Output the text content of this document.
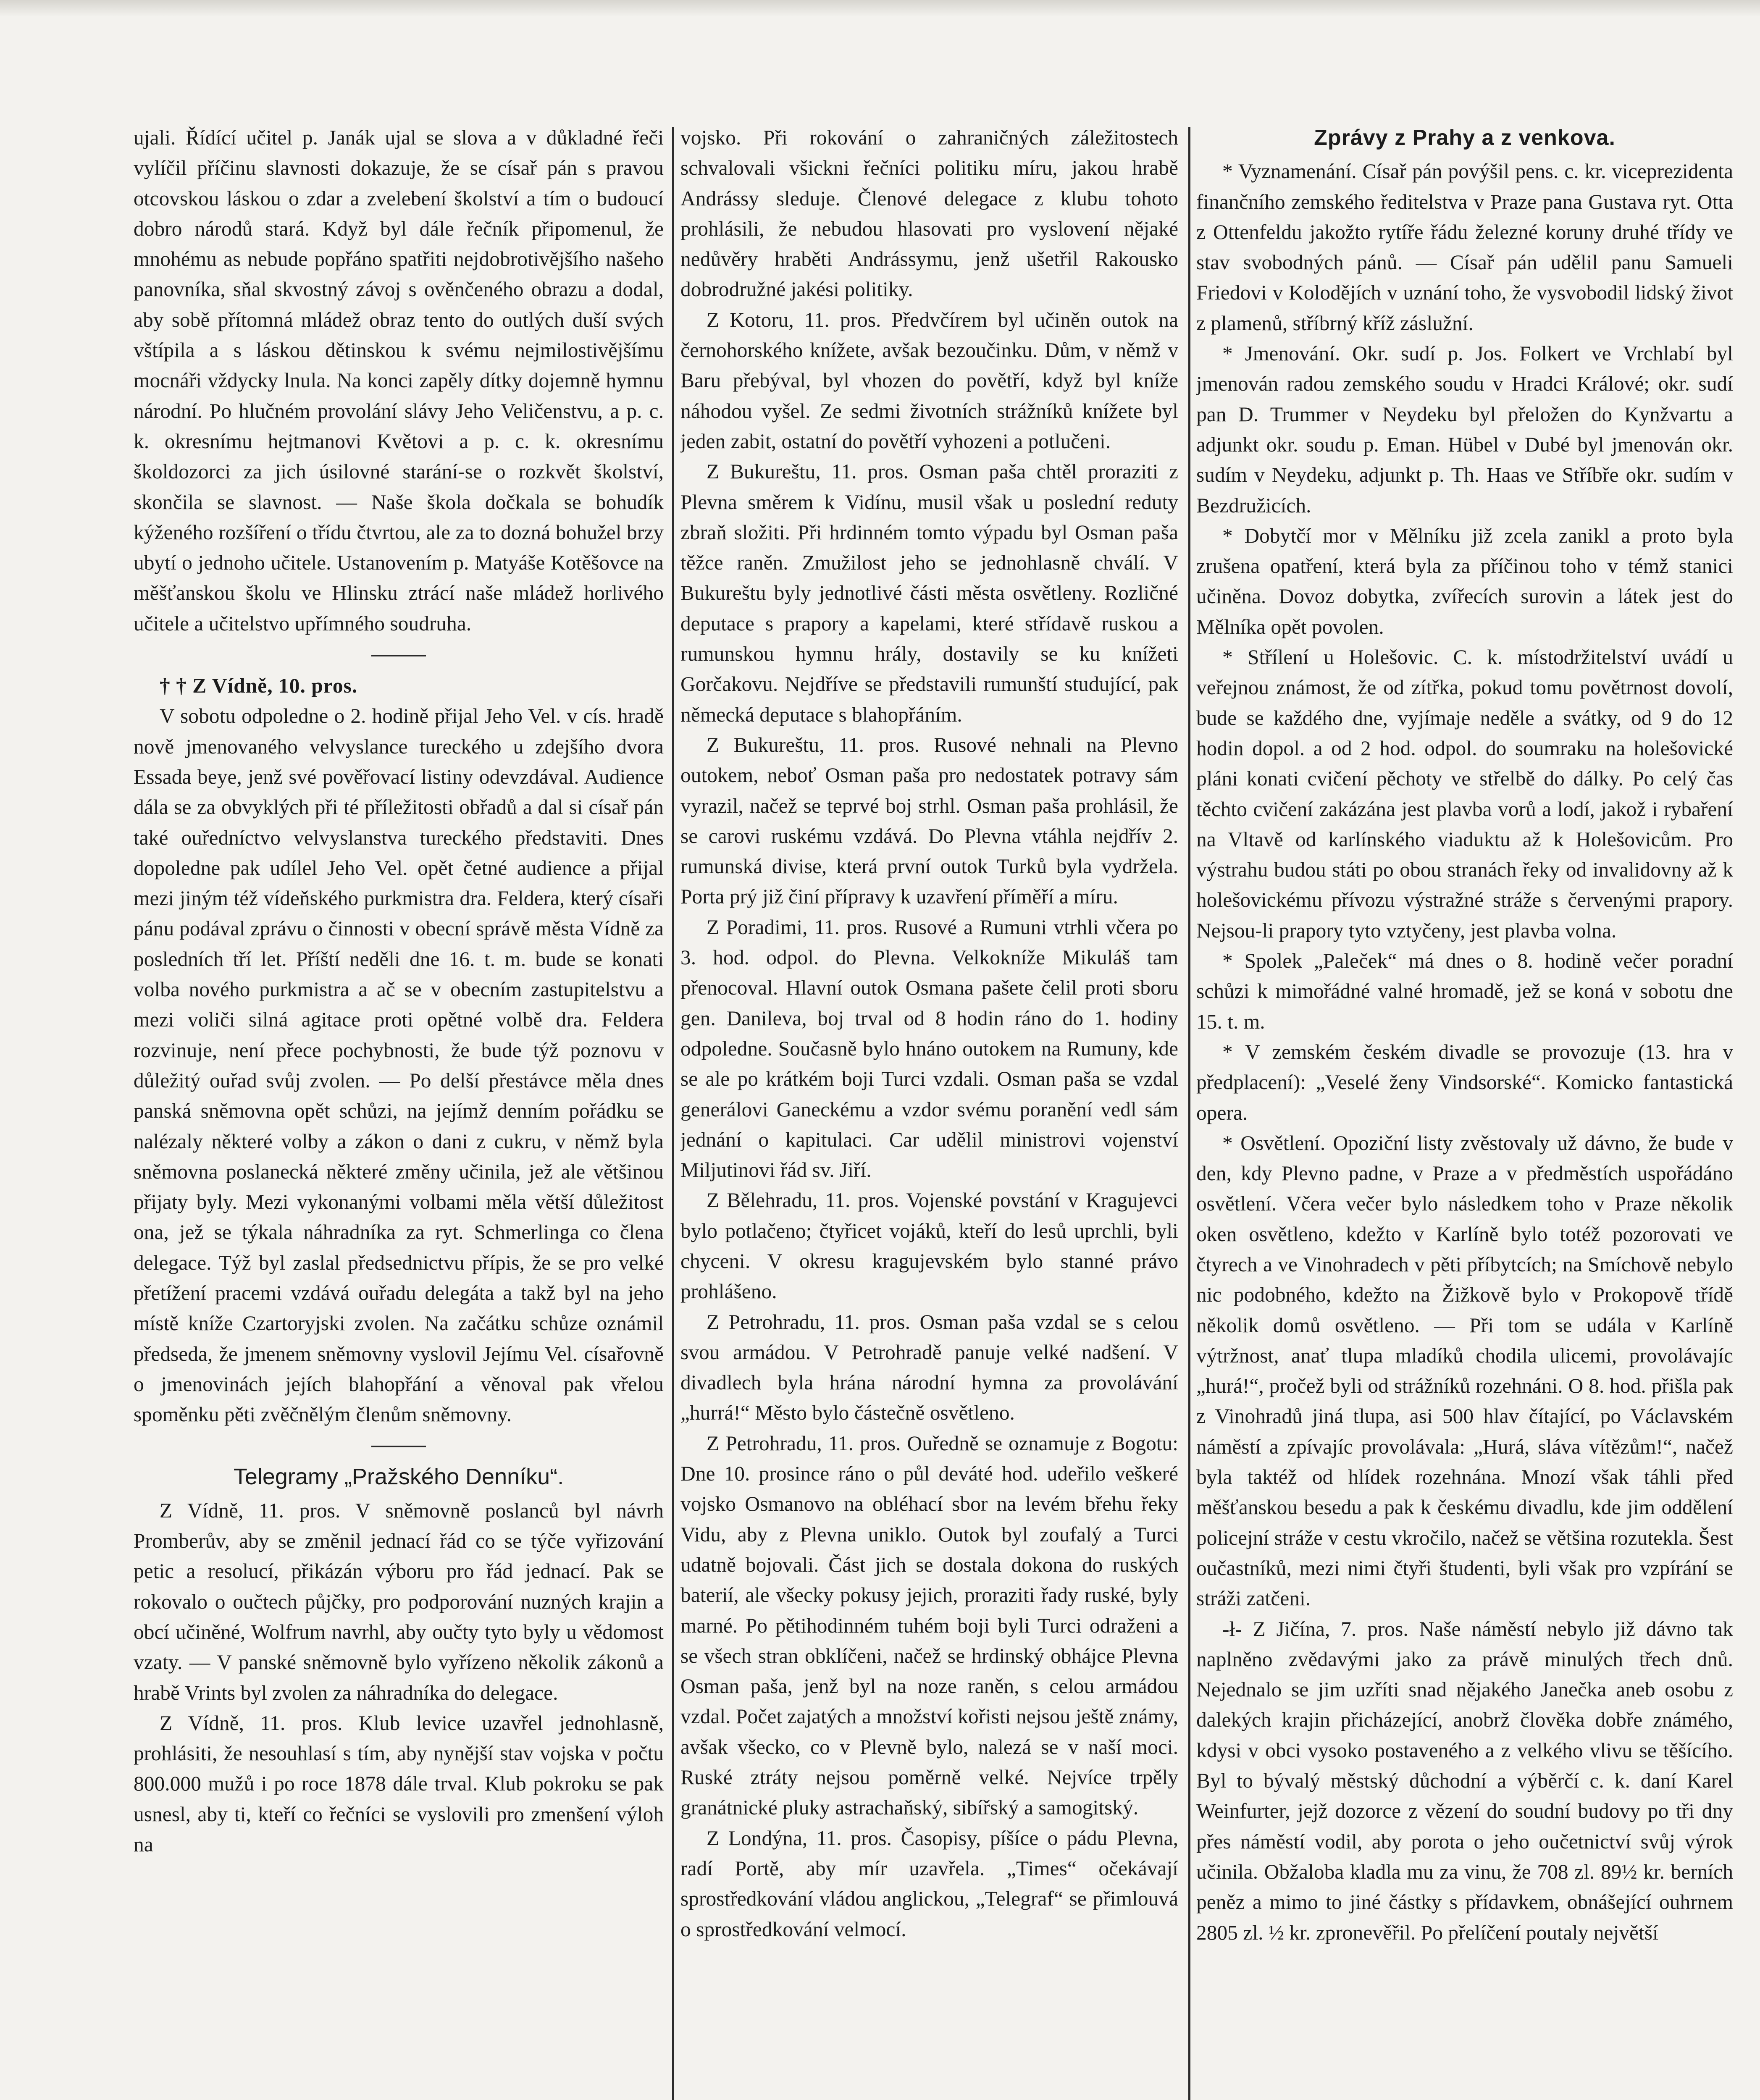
ujali. Řídící učitel p. Janák ujal se slova a v důkladné řeči vylíčil příčinu slavnosti dokazuje, že se císař pán s pravou otcovskou láskou o zdar a zvelebení školství a tím o budoucí dobro národů stará. Když byl dále řečník připomenul, že mnohému as nebude popřáno spatřiti nejdobrotivějšího našeho panovníka, sňal skvostný závoj s ověnčeného obrazu a dodal, aby sobě přítomná mládež obraz tento do outlých duší svých vštípila a s láskou dětinskou k svému nejmilostivějšímu mocnáři vždycky lnula. Na konci zapěly dítky dojemně hymnu národní. Po hlučném provolání slávy Jeho Veličenstvu, a p. c. k. okresnímu hejtmanovi Květovi a p. c. k. okresnímu školdozorci za jich úsilovné starání-se o rozkvět školství, skončila se slavnost. — Naše škola dočkala se bohudík kýženého rozšíření o třídu čtvrtou, ale za to dozná bohužel brzy ubytí o jednoho učitele. Ustanovením p. Matyáše Kotěšovce na měšťanskou školu ve Hlinsku ztrácí naše mládež horlivého učitele a učitelstvo upřímného soudruha.

† † Z Vídně, 10. pros.

V sobotu odpoledne o 2. hodině přijal Jeho Vel. v cís. hradě nově jmenovaného velvyslance tureckého u zdejšího dvora Essada beye, jenž své pověřovací listiny odevzdával. Audience dála se za obvyklých při té příležitosti obřadů a dal si císař pán také ouředníctvo velvyslanstva tureckého představiti. Dnes dopoledne pak udílel Jeho Vel. opět četné audience a přijal mezi jiným též vídeňského purkmistra dra. Feldera, který císaři pánu podával zprávu o činnosti v obecní správě města Vídně za posledních tří let. Příští neděli dne 16. t. m. bude se konati volba nového purkmistra a ač se v obecním zastupitelstvu a mezi voliči silná agitace proti opětné volbě dra. Feldera rozvinuje, není přece pochybnosti, že bude týž poznovu v důležitý ouřad svůj zvolen. — Po delší přestávce měla dnes panská sněmovna opět schůzi, na jejímž denním pořádku se nalézaly některé volby a zákon o dani z cukru, v němž byla sněmovna poslanecká některé změny učinila, jež ale většinou přijaty byly. Mezi vykonanými volbami měla větší důležitost ona, jež se týkala náhradníka za ryt. Schmerlinga co člena delegace. Týž byl zaslal předsednictvu přípis, že se pro velké přetížení pracemi vzdává ouřadu delegáta a takž byl na jeho místě kníže Czartoryjski zvolen. Na začátku schůze oznámil předseda, že jmenem sněmovny vyslovil Jejímu Vel. císařovně o jmenovinách jejích blahopřání a věnoval pak vřelou spoměnku pěti zvěčnělým členům sněmovny.

Telegramy „Pražského Denníku“.

Z Vídně, 11. pros. V sněmovně poslanců byl návrh Promberův, aby se změnil jednací řád co se týče vyřizování petic a resolucí, přikázán výboru pro řád jednací. Pak se rokovalo o oučtech půjčky, pro podporování nuzných krajin a obcí učiněné, Wolfrum navrhl, aby oučty tyto byly u vědomost vzaty. — V panské sněmovně bylo vyřízeno několik zákonů a hrabě Vrints byl zvolen za náhradníka do delegace.

Z Vídně, 11. pros. Klub levice uzavřel jednohlasně, prohlásiti, že nesouhlasí s tím, aby nynější stav vojska v počtu 800.000 mužů i po roce 1878 dále trval. Klub pokroku se pak usnesl, aby ti, kteří co řečníci se vyslovili pro zmenšení výloh na

vojsko. Při rokování o zahraničných záležitostech schvalovali všickni řečníci politiku míru, jakou hrabě Andrássy sleduje. Členové delegace z klubu tohoto prohlásili, že nebudou hlasovati pro vyslovení nějaké nedůvěry hraběti Andrássymu, jenž ušetřil Rakousko dobrodružné jakési politiky.

Z Kotoru, 11. pros. Předvčírem byl učiněn outok na černohorského knížete, avšak bezoučinku. Dům, v němž v Baru přebýval, byl vhozen do povětří, když byl kníže náhodou vyšel. Ze sedmi životních strážníků knížete byl jeden zabit, ostatní do povětří vyhozeni a potlučeni.

Z Bukureštu, 11. pros. Osman paša chtěl proraziti z Plevna směrem k Vidínu, musil však u poslední reduty zbraň složiti. Při hrdinném tomto výpadu byl Osman paša těžce raněn. Zmužilost jeho se jednohlasně chválí. V Bukureštu byly jednotlivé části města osvětleny. Rozličné deputace s prapory a kapelami, které střídavě ruskou a rumunskou hymnu hrály, dostavily se ku knížeti Gorčakovu. Nejdříve se představili rumunští studující, pak německá deputace s blahopřáním.

Z Bukureštu, 11. pros. Rusové nehnali na Plevno outokem, neboť Osman paša pro nedostatek potravy sám vyrazil, načež se teprvé boj strhl. Osman paša prohlásil, že se carovi ruskému vzdává. Do Plevna vtáhla nejdřív 2. rumunská divise, která první outok Turků byla vydržela. Porta prý již činí přípravy k uzavření příměří a míru.

Z Poradimi, 11. pros. Rusové a Rumuni vtrhli včera po 3. hod. odpol. do Plevna. Velkokníže Mikuláš tam přenocoval. Hlavní outok Osmana pašete čelil proti sboru gen. Danileva, boj trval od 8 hodin ráno do 1. hodiny odpoledne. Současně bylo hnáno outokem na Rumuny, kde se ale po krátkém boji Turci vzdali. Osman paša se vzdal generálovi Ganeckému a vzdor svému poranění vedl sám jednání o kapitulaci. Car udělil ministrovi vojenství Miljutinovi řád sv. Jiří.

Z Bělehradu, 11. pros. Vojenské povstání v Kragujevci bylo potlačeno; čtyřicet vojáků, kteří do lesů uprchli, byli chyceni. V okresu kragujevském bylo stanné právo prohlášeno.

Z Petrohradu, 11. pros. Osman paša vzdal se s celou svou armádou. V Petrohradě panuje velké nadšení. V divadlech byla hrána národní hymna za provolávání „hurrá!“ Město bylo částečně osvětleno.

Z Petrohradu, 11. pros. Ouředně se oznamuje z Bogotu: Dne 10. prosince ráno o půl deváté hod. udeřilo veškeré vojsko Osmanovo na obléhací sbor na levém břehu řeky Vidu, aby z Plevna uniklo. Outok byl zoufalý a Turci udatně bojovali. Část jich se dostala dokona do ruských baterií, ale všecky pokusy jejich, proraziti řady ruské, byly marné. Po pětihodinném tuhém boji byli Turci odraženi a se všech stran obklíčeni, načež se hrdinský obhájce Plevna Osman paša, jenž byl na noze raněn, s celou armádou vzdal. Počet zajatých a množství kořisti nejsou ještě známy, avšak všecko, co v Plevně bylo, nalezá se v naší moci. Ruské ztráty nejsou poměrně velké. Nejvíce trpěly granátnické pluky astrachaňský, sibířský a samogitský.

Z Londýna, 11. pros. Časopisy, píšíce o pádu Plevna, radí Portě, aby mír uzavřela. „Times“ očekávají sprostředkování vládou anglickou, „Telegraf“ se přimlouvá o sprostředkování velmocí.

Zprávy z Prahy a z venkova.

* Vyznamenání. Císař pán povýšil pens. c. kr. viceprezidenta finančního zemského ředitelstva v Praze pana Gustava ryt. Otta z Ottenfeldu jakožto rytíře řádu železné koruny druhé třídy ve stav svobodných pánů. — Císař pán udělil panu Samueli Friedovi v Kolodějích v uznání toho, že vysvobodil lidský život z plamenů, stříbrný kříž záslužní.

* Jmenování. Okr. sudí p. Jos. Folkert ve Vrchlabí byl jmenován radou zemského soudu v Hradci Králové; okr. sudí pan D. Trummer v Neydeku byl přeložen do Kynžvartu a adjunkt okr. soudu p. Eman. Hübel v Dubé byl jmenován okr. sudím v Neydeku, adjunkt p. Th. Haas ve Stříbře okr. sudím v Bezdružicích.

* Dobytčí mor v Mělníku již zcela zanikl a proto byla zrušena opatření, která byla za příčinou toho v témž stanici učiněna. Dovoz dobytka, zvířecích surovin a látek jest do Mělníka opět povolen.

* Střílení u Holešovic. C. k. místodržitelství uvádí u veřejnou známost, že od zítřka, pokud tomu povětrnost dovolí, bude se každého dne, vyjímaje neděle a svátky, od 9 do 12 hodin dopol. a od 2 hod. odpol. do soumraku na holešovické pláni konati cvičení pěchoty ve střelbě do dálky. Po celý čas těchto cvičení zakázána jest plavba vorů a lodí, jakož i rybaření na Vltavě od karlínského viaduktu až k Holešovicům. Pro výstrahu budou státi po obou stranách řeky od invalidovny až k holešovickému přívozu výstražné stráže s červenými prapory. Nejsou-li prapory tyto vztyčeny, jest plavba volna.

* Spolek „Paleček“ má dnes o 8. hodině večer poradní schůzi k mimořádné valné hromadě, jež se koná v sobotu dne 15. t. m.

* V zemském českém divadle se provozuje (13. hra v předplacení): „Veselé ženy Vindsorské“. Komicko fantastická opera.

* Osvětlení. Opoziční listy zvěstovaly už dávno, že bude v den, kdy Plevno padne, v Praze a v předměstích uspořádáno osvětlení. Včera večer bylo následkem toho v Praze několik oken osvětleno, kdežto v Karlíně bylo totéž pozorovati ve čtyrech a ve Vinohradech v pěti příbytcích; na Smíchově nebylo nic podobného, kdežto na Žižkově bylo v Prokopově třídě několik domů osvětleno. — Při tom se udála v Karlíně výtržnost, anať tlupa mladíků chodila ulicemi, provolávajíc „hurá!“, pročež byli od strážníků rozehnáni. O 8. hod. přišla pak z Vinohradů jiná tlupa, asi 500 hlav čítající, po Václavském náměstí a zpívajíc provolávala: „Hurá, sláva vítězům!“, načež byla taktéž od hlídek rozehnána. Mnozí však táhli před měšťanskou besedu a pak k českému divadlu, kde jim oddělení policejní stráže v cestu vkročilo, načež se většina rozutekla. Šest oučastníků, mezi nimi čtyři študenti, byli však pro vzpírání se stráži zatčeni.

-ł- Z Jičína, 7. pros. Naše náměstí nebylo již dávno tak naplněno zvědavými jako za právě minulých třech dnů. Nejednalo se jim uzříti snad nějakého Janečka aneb osobu z dalekých krajin přicházející, anobrž člověka dobře známého, kdysi v obci vysoko postaveného a z velkého vlivu se těšícího. Byl to bývalý městský důchodní a výběrčí c. k. daní Karel Weinfurter, jejž dozorce z vězení do soudní budovy po tři dny přes náměstí vodil, aby porota o jeho oučetnictví svůj výrok učinila. Obžaloba kladla mu za vinu, že 708 zl. 89½ kr. berních peněz a mimo to jiné částky s přídavkem, obnášející ouhrnem 2805 zl. ½ kr. zpronevěřil. Po přelíčení poutaly největší
